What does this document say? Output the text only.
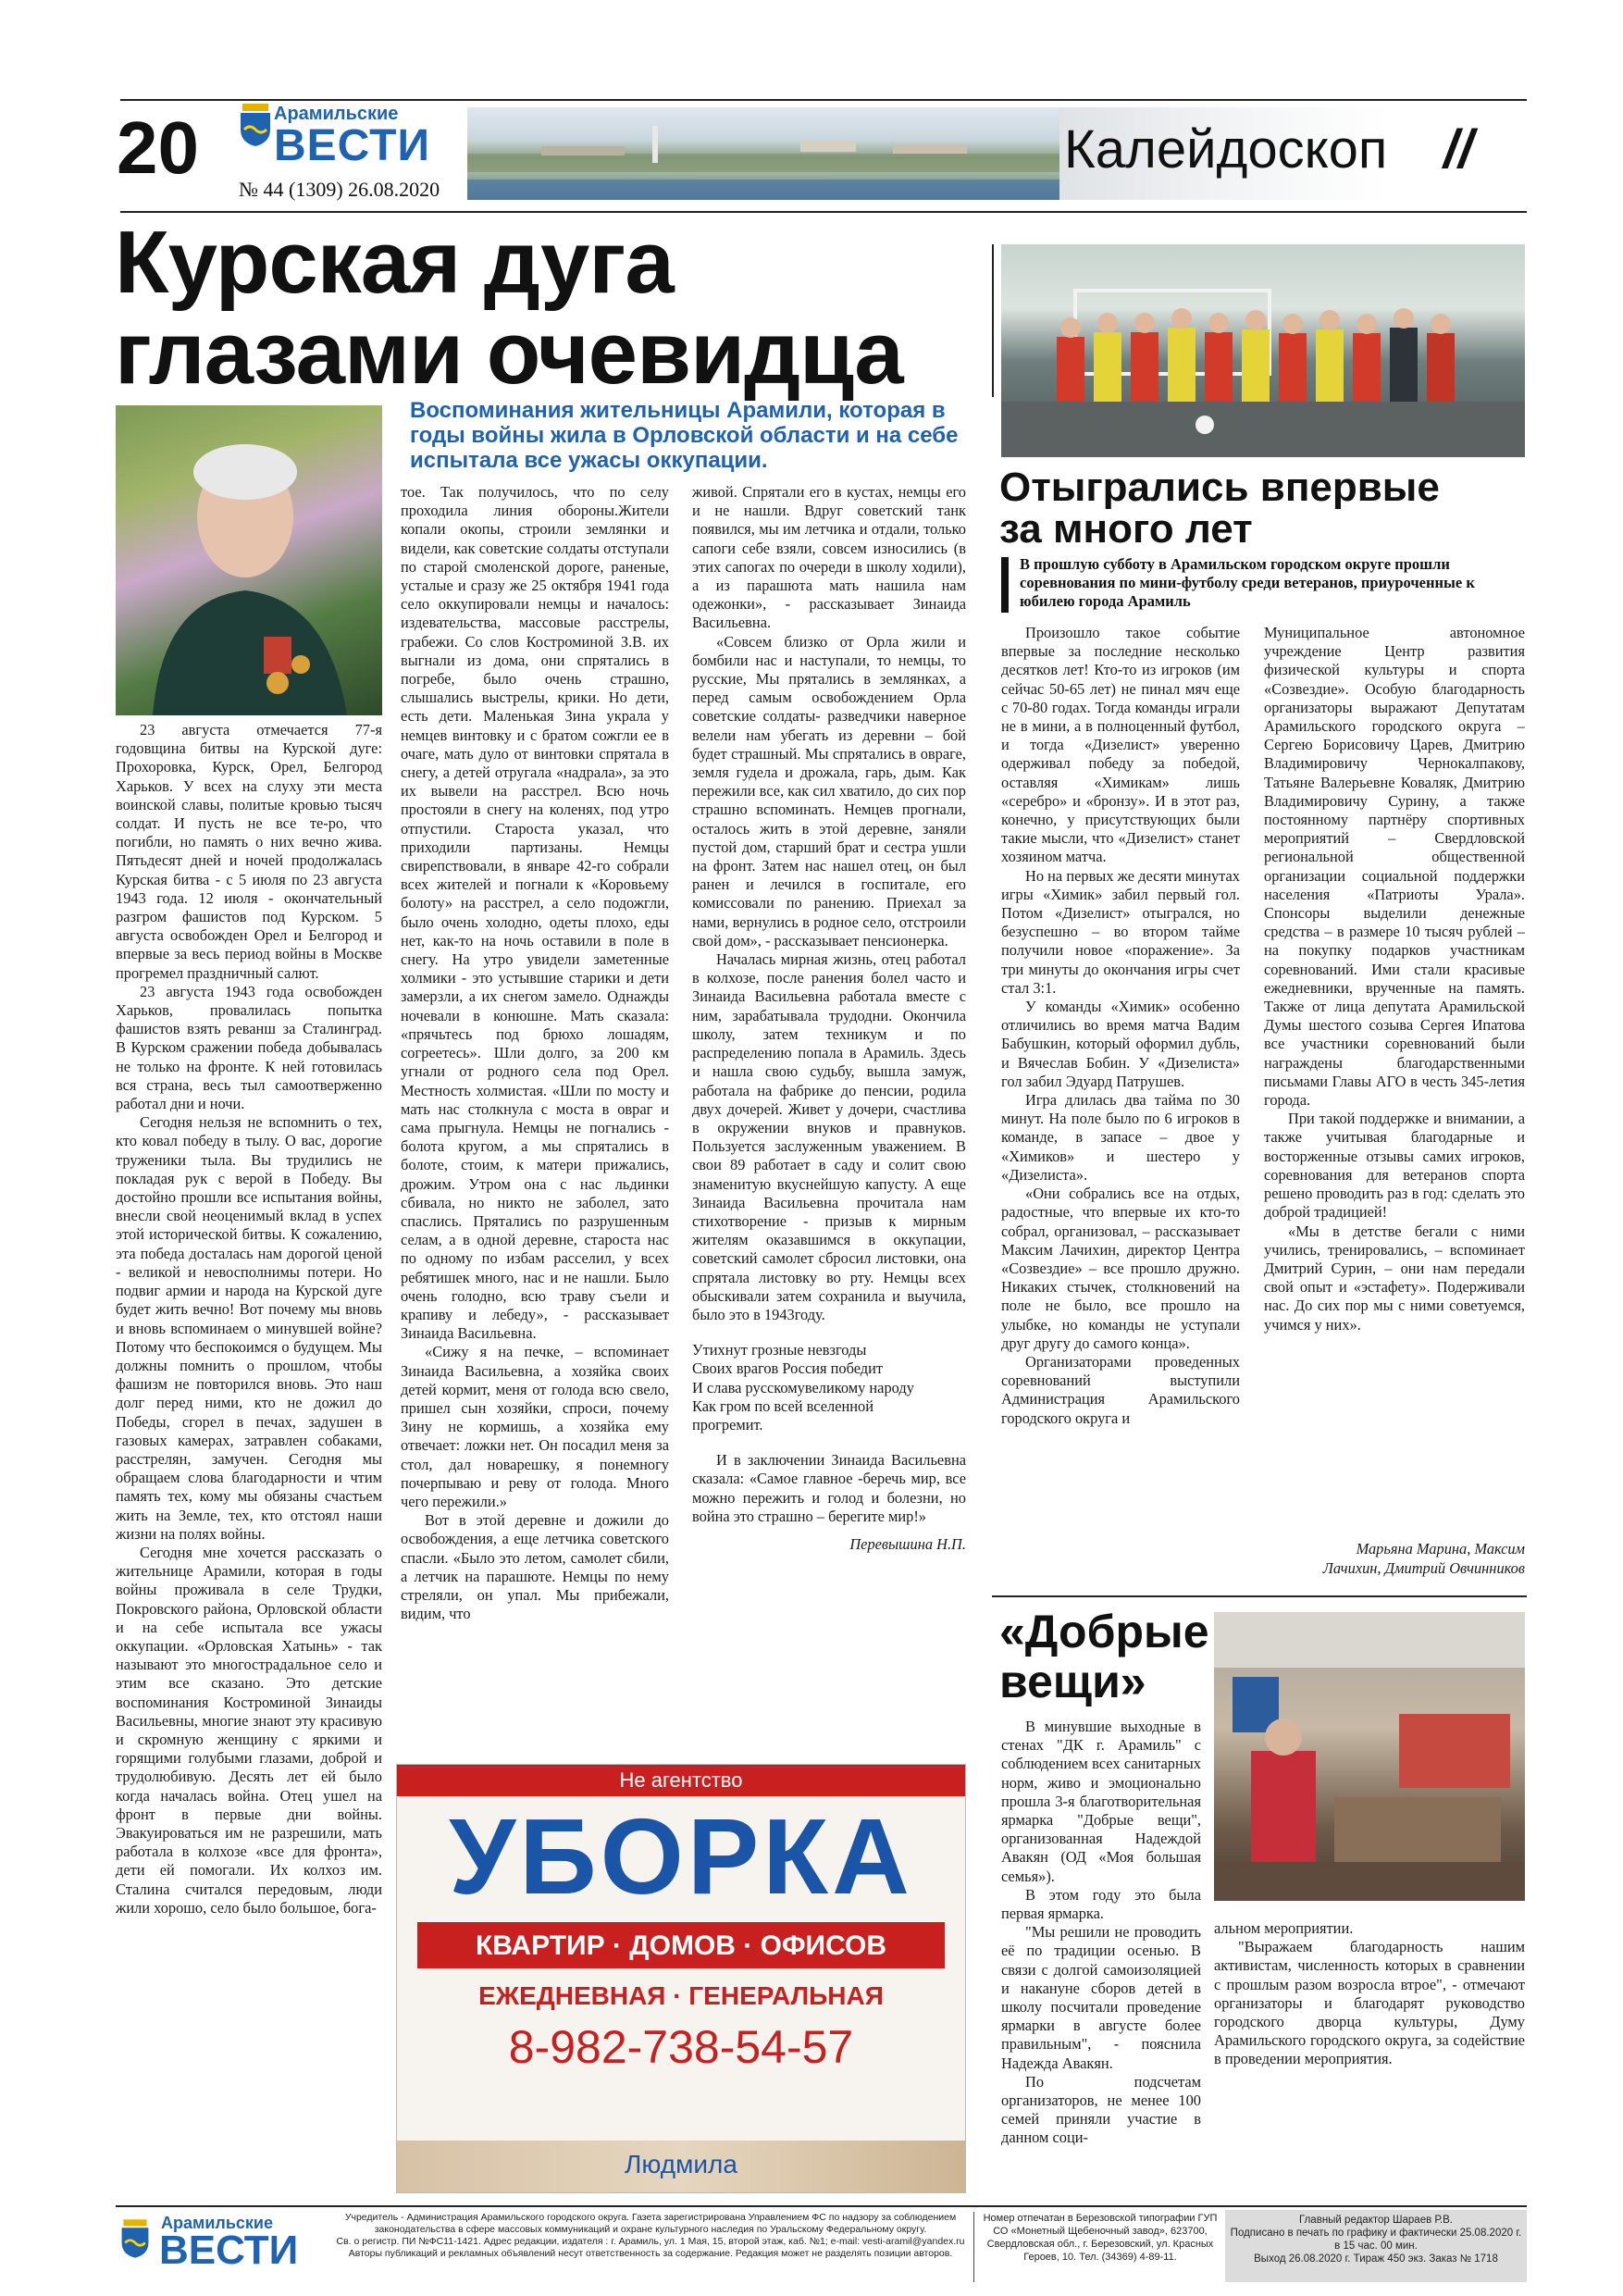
20	Арамильские
ВЕСТИ
№ 44 (1309) 26.08.2020
Калейдоскоп //
Курская дуга
глазами очевидца
Воспоминания жительницы Арамили, которая в годы войны жила в Орловской области и на себе испытала все ужасы оккупации.

23 августа отмечается 77-я годовщина битвы на Курской дуге: Прохоровка, Курск, Орел, Белгород Харьков. У всех на слуху эти места воинской славы, политые кровью тысяч солдат. И пусть не все те-ро, что погибли, но память о них вечно жива. Пятьдесят дней и ночей продолжалась Курская битва - с 5 июля по 23 августа 1943 года. 12 июля - окончательный разгром фашистов под Курском. 5 августа освобожден Орел и Белгород и впервые за весь период войны в Москве прогремел праздничный салют.

23 августа 1943 года освобожден Харьков, провалилась попытка фашистов взять реванш за Сталинград. В Курском сражении победа добывалась не только на фронте. К ней готовилась вся страна, весь тыл самоотверженно работал дни и ночи.

Сегодня нельзя не вспомнить о тех, кто ковал победу в тылу. О вас, дорогие труженики тыла. Вы трудились не покладая рук с верой в Победу. Вы достойно прошли все испытания войны, внесли свой неоценимый вклад в успех этой исторической битвы. К сожалению, эта победа досталась нам дорогой ценой - великой и невосполнимы потери. Но подвиг армии и народа на Курской дуге будет жить вечно! Вот почему мы вновь и вновь вспоминаем о минувшей войне? Потому что беспокоимся о будущем. Мы должны помнить о прошлом, чтобы фашизм не повторился вновь. Это наш долг перед ними, кто не дожил до Победы, сгорел в печах, задушен в газовых камерах, затравлен собаками, расстрелян, замучен. Сегодня мы обращаем слова благодарности и чтим память тех, кому мы обязаны счастьем жить на Земле, тех, кто отстоял наши жизни на полях войны.

Сегодня мне хочется рассказать о жительнице Арамили, которая в годы войны проживала в селе Трудки, Покровского района, Орловской области и на себе испытала все ужасы оккупации. «Орловская Хатынь» - так называют это многострадальное село и этим все сказано. Это детские воспоминания Костроминой Зинаиды Васильевны, многие знают эту красивую и скромную женщину с яркими и горящими голубыми глазами, доброй и трудолюбивую. Десять лет ей было когда началась война. Отец ушел на фронт в первые дни войны. Эвакуироваться им не разрешили, мать работала в колхозе «все для фронта», дети ей помогали. Их колхоз им. Сталина считался передовым, люди жили хорошо, село было большое, бога-

тое. Так получилось, что по селу проходила линия обороны.Жители копали окопы, строили землянки и видели, как советские солдаты отступали по старой смоленской дороге, раненые, усталые и сразу же 25 октября 1941 года село оккупировали немцы и началось: издевательства, массовые расстрелы, грабежи. Со слов Костроминой З.В. их выгнали из дома, они спрятались в погребе, было очень страшно, слышались выстрелы, крики. Но дети, есть дети. Маленькая Зина украла у немцев винтовку и с братом сожгли ее в очаге, мать дуло от винтовки спрятала в снегу, а детей отругала «надрала», за это их вывели на расстрел. Всю ночь простояли в снегу на коленях, под утро отпустили. Староста указал, что приходили партизаны. Немцы свирепствовали, в январе 42-го собрали всех жителей и погнали к «Коровьему болоту» на расстрел, а село подожгли, было очень холодно, одеты плохо, еды нет, как-то на ночь оставили в поле в снегу. На утро увидели заметенные холмики - это устывшие старики и дети замерзли, а их снегом замело. Однажды ночевали в конюшне. Мать сказала: «прячьтесь под брюхо лошадям, согреетесь». Шли долго, за 200 км угнали от родного села под Орел. Местность холмистая. «Шли по мосту и мать нас столкнула с моста в овраг и сама прыгнула. Немцы не погнались - болота кругом, а мы спрятались в болоте, стоим, к матери прижались, дрожим. Утром она с нас льдинки сбивала, но никто не заболел, зато спаслись. Прятались по разрушенным селам, а в одной деревне, староста нас по одному по избам расселил, у всех ребятишек много, нас и не нашли. Было очень голодно, всю траву съели и крапиву и лебеду», - рассказывает Зинаида Васильевна.

«Сижу я на печке, – вспоминает Зинаида Васильевна, а хозяйка своих детей кормит, меня от голода всю свело, пришел сын хозяйки, спроси, почему Зину не кормишь, а хозяйка ему отвечает: ложки нет. Он посадил меня за стол, дал новарешку, я понемногу почерпываю и реву от голода. Много чего пережили.»

Вот в этой деревне и дожили до освобождения, а еще летчика советского спасли. «Было это летом, самолет сбили, а летчик на парашюте. Немцы по нему стреляли, он упал. Мы прибежали, видим, что

живой. Спрятали его в кустах, немцы его и не нашли. Вдруг советский танк появился, мы им летчика и отдали, только сапоги себе взяли, совсем износились (в этих сапогах по очереди в школу ходили), а из парашюта мать нашила нам одежонки», - рассказывает Зинаида Васильевна.

«Совсем близко от Орла жили и бомбили нас и наступали, то немцы, то русские, Мы прятались в землянках, а перед самым освобождением Орла советские солдаты- разведчики наверное велели нам убегать из деревни – бой будет страшный. Мы спрятались в овраге, земля гудела и дрожала, гарь, дым. Как пережили все, как сил хватило, до сих пор страшно вспоминать. Немцев прогнали, осталось жить в этой деревне, заняли пустой дом, старший брат и сестра ушли на фронт. Затем нас нашел отец, он был ранен и лечился в госпитале, его комиссовали по ранению. Приехал за нами, вернулись в родное село, отстроили свой дом», - рассказывает пенсионерка.

Началась мирная жизнь, отец работал в колхозе, после ранения болел часто и Зинаида Васильевна работала вместе с ним, зарабатывала трудодни. Окончила школу, затем техникум и по распределению попала в Арамиль. Здесь и нашла свою судьбу, вышла замуж, работала на фабрике до пенсии, родила двух дочерей. Живет у дочери, счастлива в окружении внуков и правнуков. Пользуется заслуженным уважением. В свои 89 работает в саду и солит свою знаменитую вкуснейшую капусту. А еще Зинаида Васильевна прочитала нам стихотворение - призыв к мирным жителям оказавшимся в оккупации, советский самолет сбросил листовки, она спрятала листовку во рту. Немцы всех обыскивали затем сохранила и выучила, было это в 1943году.

Утихнут грозные невзгоды

Своих врагов Россия победит

И слава русскомувеликому народу

Как гром по всей вселенной

прогремит.

И в заключении Зинаида Васильевна сказала: «Самое главное -беречь мир, все можно пережить и голод и болезни, но война это страшно – берегите мир!»

Перевышина Н.П.
Не агентство
УБОРКА
КВАРТИР · ДОМОВ · ОФИСОВ
ЕЖЕДНЕВНАЯ · ГЕНЕРАЛЬНАЯ
8-982-738-54-57
Людмила
Отыгрались впервые
за много лет
В прошлую субботу в Арамильском городском округе прошли соревнования по мини-футболу среди ветеранов, приуроченные к юбилею города Арамиль

Произошло такое событие впервые за последние несколько десятков лет! Кто-то из игроков (им сейчас 50-65 лет) не пинал мяч еще с 70-80 годах. Тогда команды играли не в мини, а в полноценный футбол, и тогда «Дизелист» уверенно одерживал победу за победой, оставляя «Химикам» лишь «серебро» и «бронзу». И в этот раз, конечно, у присутствующих были такие мысли, что «Дизелист» станет хозяином матча.

Но на первых же десяти минутах игры «Химик» забил первый гол. Потом «Дизелист» отыгрался, но безуспешно – во втором тайме получили новое «поражение». За три минуты до окончания игры счет стал 3:1.

У команды «Химик» особенно отличились во время матча Вадим Бабушкин, который оформил дубль, и Вячеслав Бобин. У «Дизелиста» гол забил Эдуард Патрушев.

Игра длилась два тайма по 30 минут. На поле было по 6 игроков в команде, в запасе – двое у «Химиков» и шестеро у «Дизелиста».

«Они собрались все на отдых, радостные, что впервые их кто-то собрал, организовал, – рассказывает Максим Лачихин, директор Центра «Созвездие» – все прошло дружно. Никаких стычек, столкновений на поле не было, все прошло на улыбке, но команды не уступали друг другу до самого конца».

Организаторами проведенных соревнований выступили Администрация Арамильского городского округа и

Муниципальное автономное учреждение Центр развития физической культуры и спорта «Созвездие». Особую благодарность организаторы выражают Депутатам Арамильского городского округа – Сергею Борисовичу Царев, Дмитрию Владимировичу Чернокалпакову, Татьяне Валерьевне Коваляк, Дмитрию Владимировичу Сурину, а также постоянному партнёру спортивных мероприятий – Свердловской региональной общественной организации социальной поддержки населения «Патриоты Урала». Спонсоры выделили денежные средства – в размере 10 тысяч рублей – на покупку подарков участникам соревнований. Ими стали красивые ежедневники, врученные на память. Также от лица депутата Арамильской Думы шестого созыва Сергея Ипатова все участники соревнований были награждены благодарственными письмами Главы АГО в честь 345-летия города.

При такой поддержке и внимании, а также учитывая благодарные и восторженные отзывы самих игроков, соревнования для ветеранов спорта решено проводить раз в год: сделать это доброй традицией!

«Мы в детстве бегали с ними учились, тренировались, – вспоминает Дмитрий Сурин, – они нам передали свой опыт и «эстафету». Подерживали нас. До сих пор мы с ними советуемся, учимся у них».

Марьяна Марина, Максим
Лачихин, Дмитрий Овчинников
«Добрые
вещи»

В минувшие выходные в стенах "ДК г. Арамиль" с соблюдением всех санитарных норм, живо и эмоционально прошла 3-я благотворительная ярмарка "Добрые вещи", организованная Надеждой Авакян (ОД «Моя большая семья»).

В этом году это была первая ярмарка.

"Мы решили не проводить её по традиции осенью. В связи с долгой самоизоляцией и накануне сборов детей в школу посчитали проведение ярмарки в августе более правильным", - пояснила Надежда Авакян.

По подсчетам организаторов, не менее 100 семей приняли участие в данном соци-

альном мероприятии.

"Выражаем благодарность нашим активистам, численность которых в сравнении с прошлым разом возросла втрое", - отмечают организаторы и благодарят руководство городского дворца культуры, Думу Арамильского городского округа, за содействие в проведении мероприятия.

Арамильские
ВЕСТИ
Учредитель - Администрация Арамильского городского округа. Газета зарегистрирована Управлением ФС по надзору за соблюдением законодательства в сфере массовых коммуникаций и охране культурного наследия по Уральскому Федеральному округу.
Св. о регистр. ПИ №ФС11-1421. Адрес редакции, издателя : г. Арамиль, ул. 1 Мая, 15, второй этаж, каб. №1; e-mail: vesti-aramil@yandex.ru
Авторы публикаций и рекламных объявлений несут ответственность за содержание. Редакция может не разделять позиции авторов.
Номер отпечатан в Березовской типографии ГУП СО «Монетный Щебеночный завод», 623700, Свердловская обл., г. Березовский, ул. Красных Героев, 10. Тел. (34369) 4-89-11.
Главный редактор Шараев Р.В.
Подписано в печать по графику и фактически 25.08.2020 г. в 15 час. 00 мин.
Выход 26.08.2020 г. Тираж 450 экз. Заказ № 1718
